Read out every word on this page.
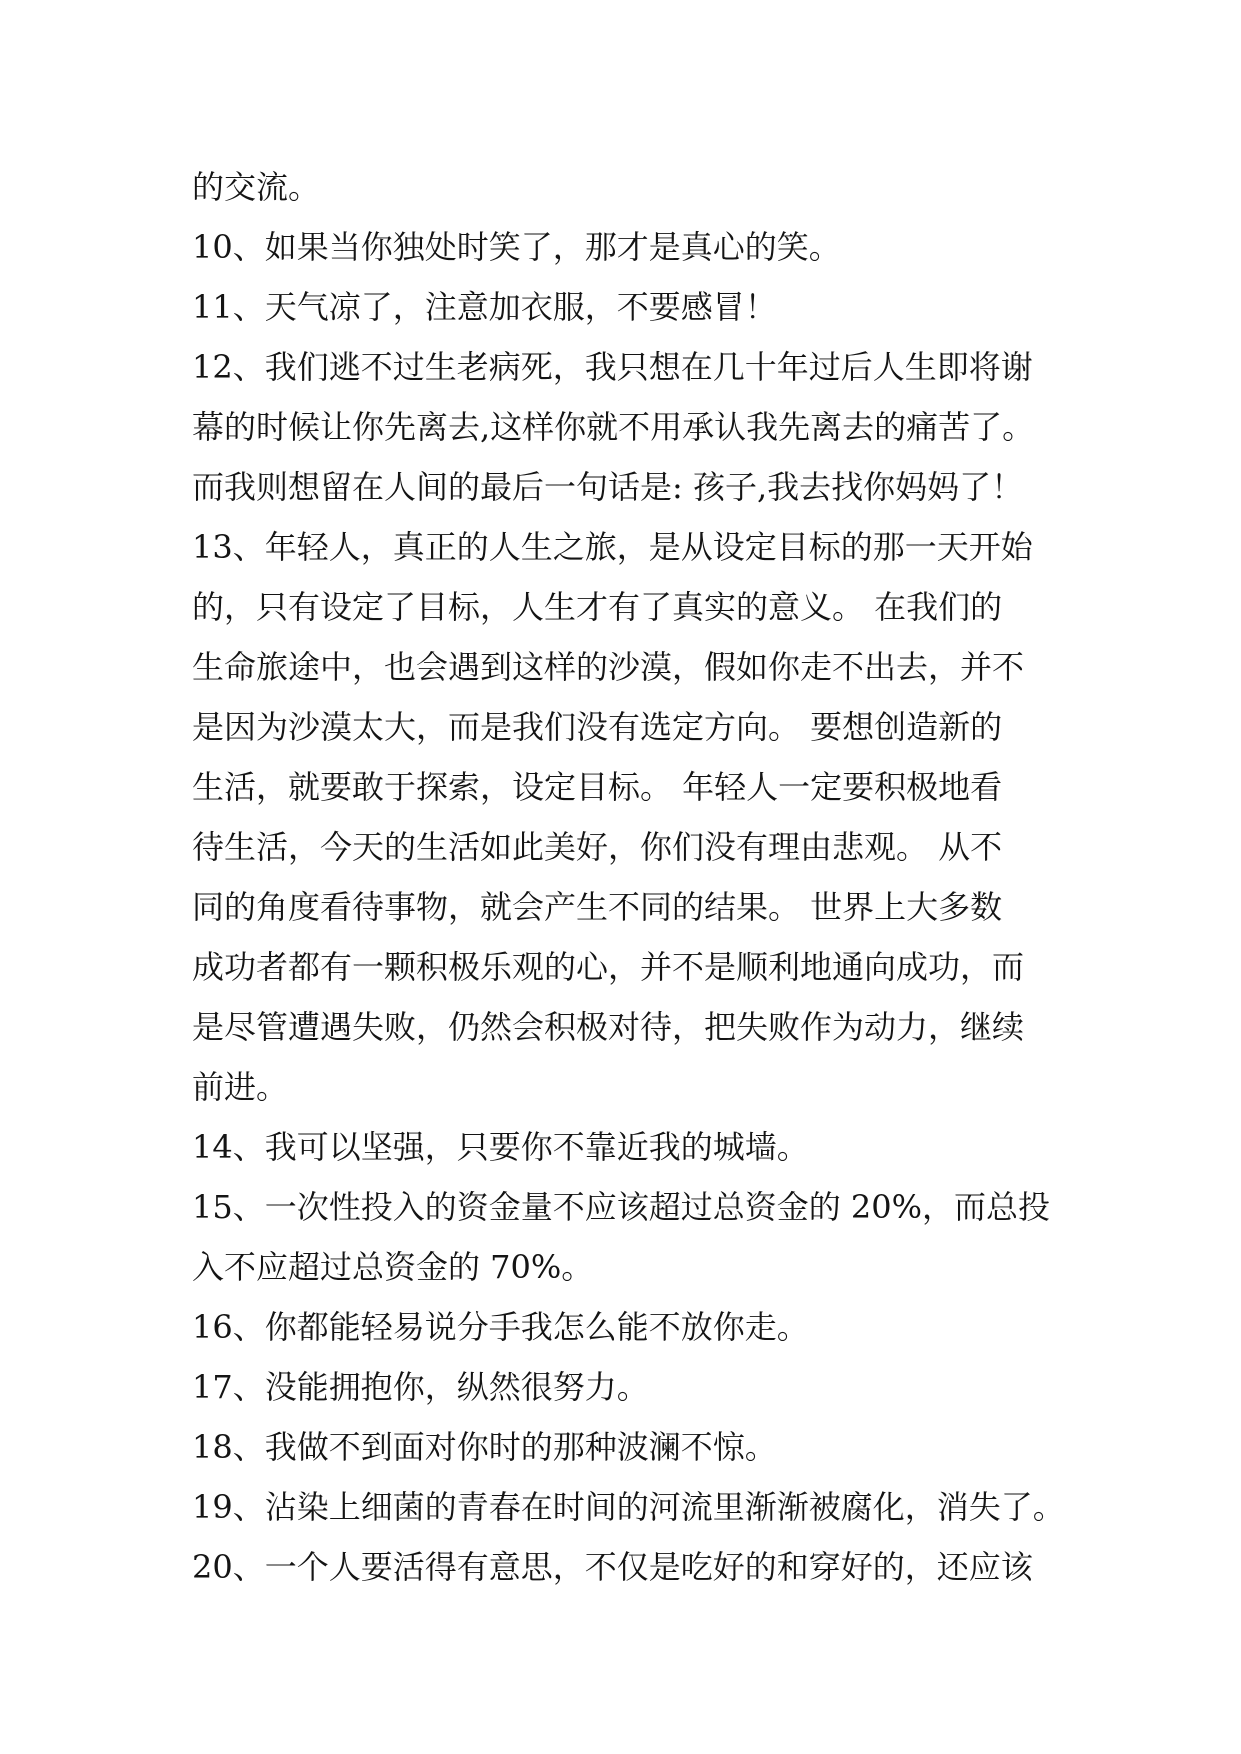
的交流。

10、如果当你独处时笑了，那才是真心的笑。

11、天气凉了，注意加衣服，不要感冒！

12、我们逃不过生老病死，我只想在几十年过后人生即将谢

幕的时候让你先离去,这样你就不用承认我先离去的痛苦了。

而我则想留在人间的最后一句话是: 孩子,我去找你妈妈了！

13、年轻人，真正的人生之旅，是从设定目标的那一天开始

的，只有设定了目标，人生才有了真实的意义。 在我们的

生命旅途中，也会遇到这样的沙漠，假如你走不出去，并不

是因为沙漠太大，而是我们没有选定方向。 要想创造新的

生活，就要敢于探索，设定目标。 年轻人一定要积极地看

待生活，今天的生活如此美好，你们没有理由悲观。 从不

同的角度看待事物，就会产生不同的结果。 世界上大多数

成功者都有一颗积极乐观的心，并不是顺利地通向成功，而

是尽管遭遇失败，仍然会积极对待，把失败作为动力，继续

前进。

14、我可以坚强，只要你不靠近我的城墙。

15、一次性投入的资金量不应该超过总资金的 20%，而总投

入不应超过总资金的 70%。

16、你都能轻易说分手我怎么能不放你走。

17、没能拥抱你，纵然很努力。

18、我做不到面对你时的那种波澜不惊。

19、沾染上细菌的青春在时间的河流里渐渐被腐化，消失了。

20、一个人要活得有意思，不仅是吃好的和穿好的，还应该
